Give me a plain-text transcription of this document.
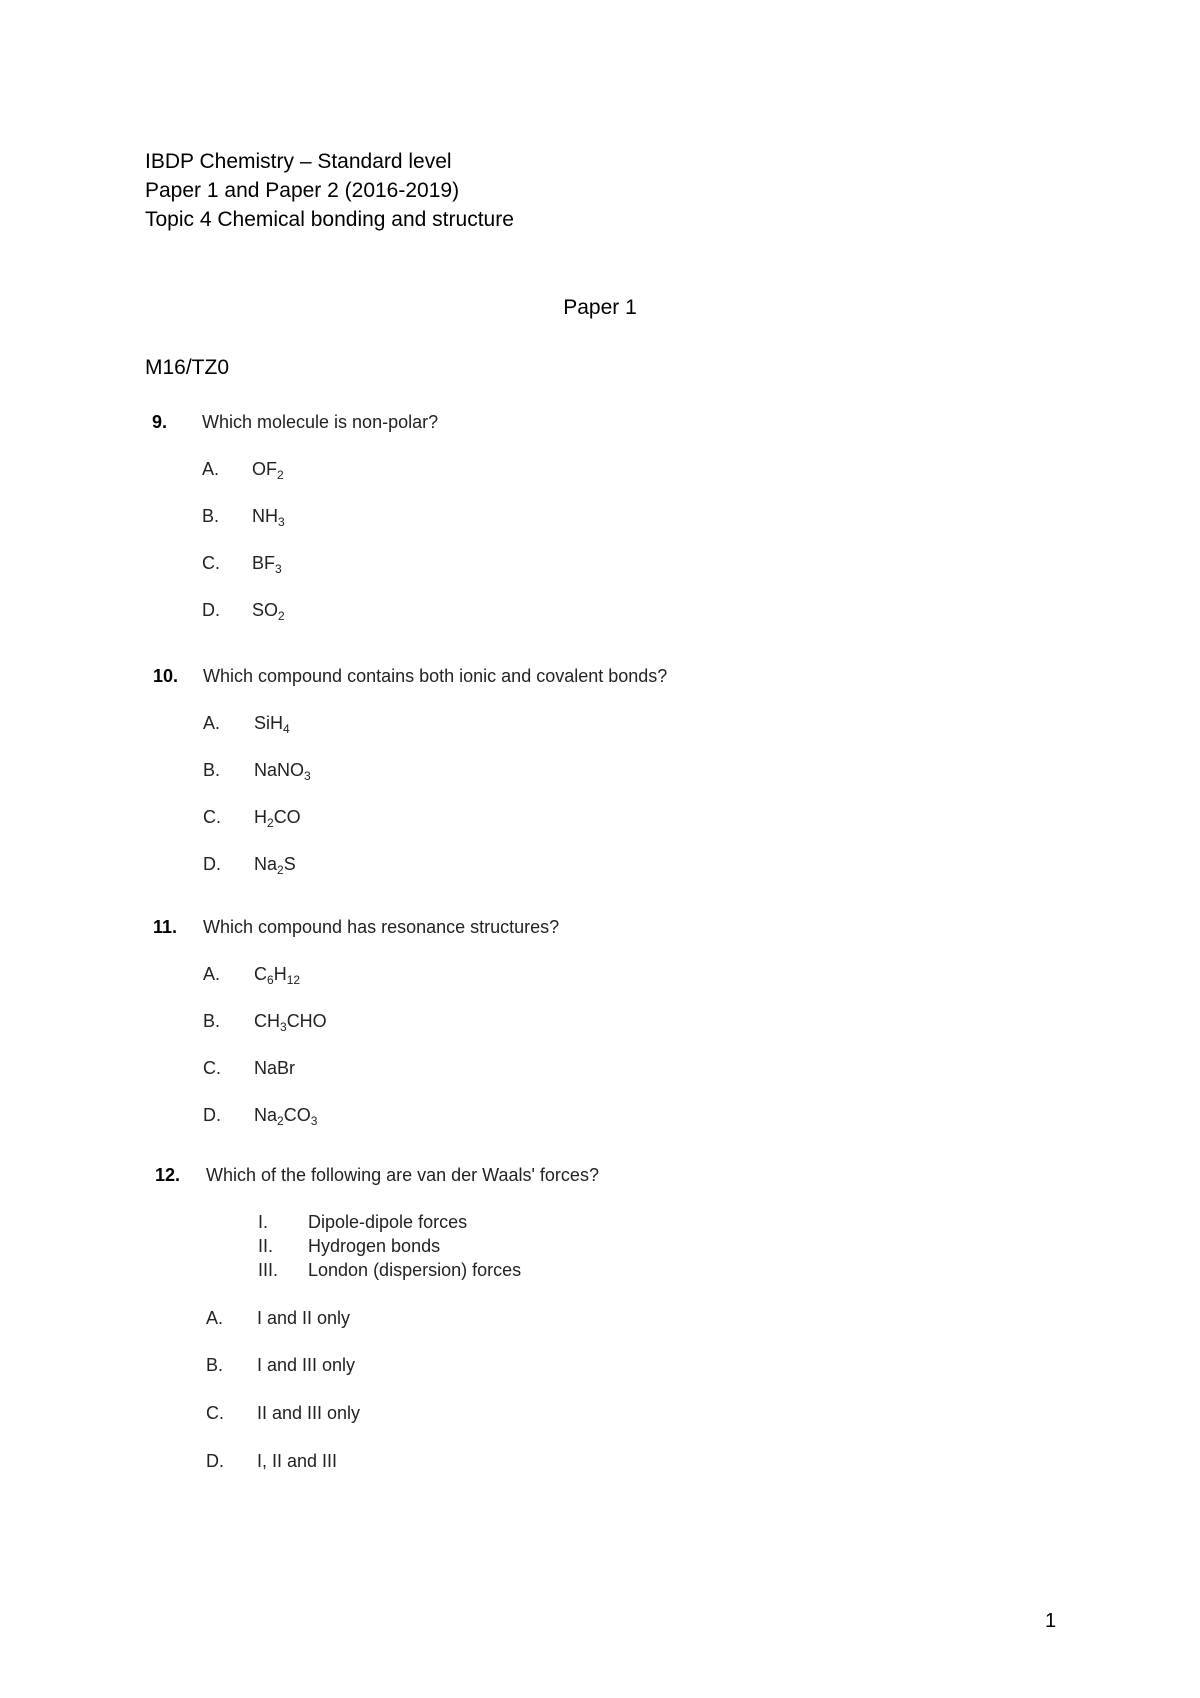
IBDP Chemistry – Standard level
Paper 1 and Paper 2 (2016-2019)
Topic 4 Chemical bonding and structure
Paper 1
M16/TZ0
9. Which molecule is non-polar?
A. $OF_2$
B. $NH_3$
C. $BF_3$
D. $SO_2$
10. Which compound contains both ionic and covalent bonds?
A. SiH$_4$
B. NaNO$_3$
C. $H_2CO$
D. $Na_2S$
11. Which compound has resonance structures?
A. $C_6H_{12}$
B. $CH_3CHO$
C. NaBr
D. $Na_2CO_3$
12. Which of the following are van der Waals' forces?
I. Dipole-dipole forces
II. Hydrogen bonds
III. London (dispersion) forces
A. I and II only
B. I and III only
C. II and III only
D. I, II and III
1
